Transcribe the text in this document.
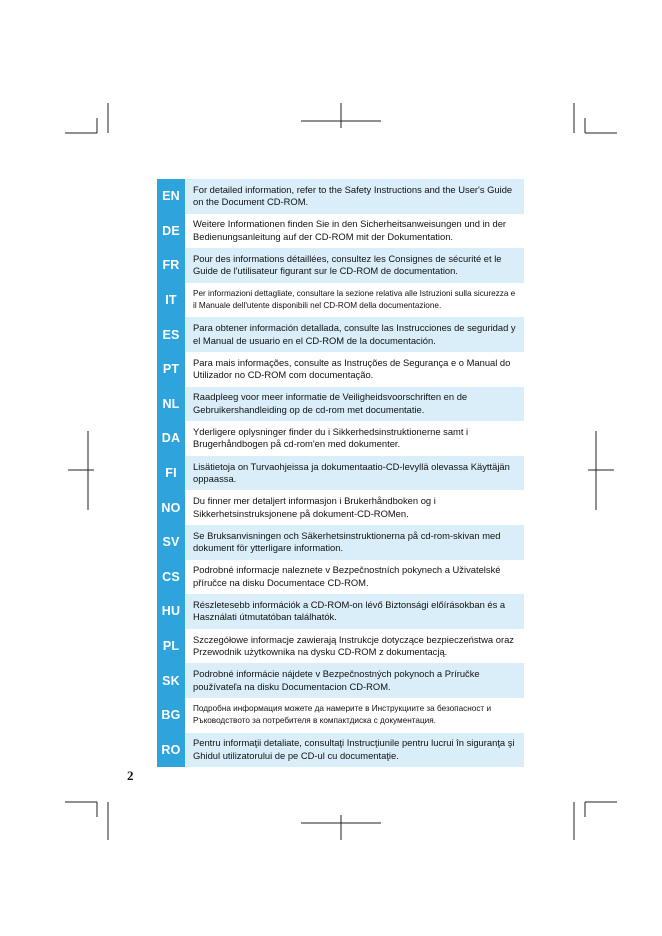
EN	For detailed information, refer to the Safety Instructions and the User's Guide on the Document CD-ROM.
DE	Weitere Informationen finden Sie in den Sicherheitsanweisungen und in der Bedienungsanleitung auf der CD-ROM mit der Dokumentation.
FR	Pour des informations détaillées, consultez les Consignes de sécurité et le Guide de l'utilisateur figurant sur le CD-ROM de documentation.
IT	Per informazioni dettagliate, consultare la sezione relativa alle Istruzioni sulla sicurezza e il Manuale dell'utente disponibili nel CD-ROM della documentazione.
ES	Para obtener información detallada, consulte las Instrucciones de seguridad y el Manual de usuario en el CD-ROM de la documentación.
PT	Para mais informações, consulte as Instruções de Segurança e o Manual do Utilizador no CD-ROM com documentação.
NL	Raadpleeg voor meer informatie de Veiligheidsvoorschriften en de Gebruikershandleiding op de cd-rom met documentatie.
DA	Yderligere oplysninger finder du i Sikkerhedsinstruktionerne samt i Brugerhåndbogen på cd-rom'en med dokumenter.
FI	Lisätietoja on Turvaohjeissa ja dokumentaatio-CD-levyllä olevassa Käyttäjän oppaassa.
NO	Du finner mer detaljert informasjon i Brukerhåndboken og i Sikkerhetsinstruksjonene på dokument-CD-ROMen.
SV	Se Bruksanvisningen och Säkerhetsinstruktionerna på cd-rom-skivan med dokument för ytterligare information.
CS	Podrobné informacje naleznete v Bezpečnostních pokynech a Uživatelské příručce na disku Documentace CD-ROM.
HU	Részletesebb információk a CD-ROM-on lévő Biztonsági előírásokban és a Használati útmutatóban találhatók.
PL	Szczegółowe informacje zawierają Instrukcje dotyczące bezpieczeństwa oraz Przewodnik użytkownika na dysku CD-ROM z dokumentacją.
SK	Podrobné informácie nájdete v Bezpečnostných pokynoch a Príručke používateľa na disku Documentacion CD-ROM.
BG	Подробна информация можете да намерите в Инструкциите за безопасност и Ръководството за потребителя в компактдиска с документация.
RO	Pentru informaţii detaliate, consultaţi Instrucţiunile pentru lucrui în siguranţa şi Ghidul utilizatorului de pe CD-ul cu documentaţie.
2
